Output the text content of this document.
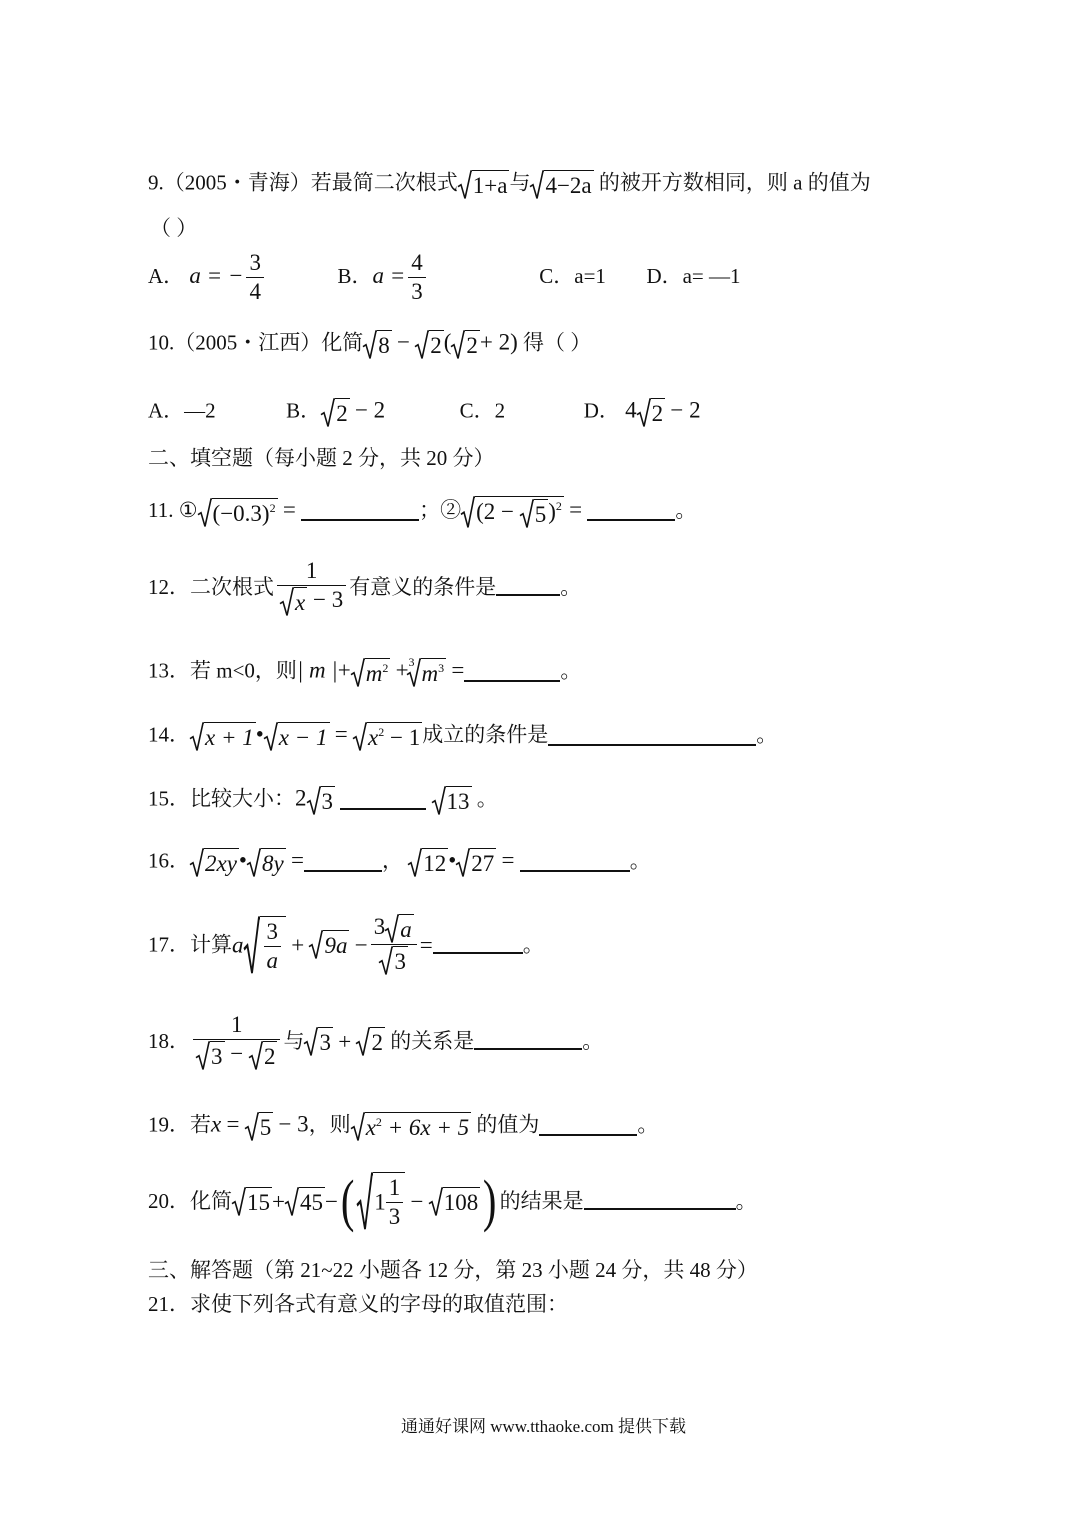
9.（2005・青海）若最简二次根式 1+a与 4−2a 的被开方数相同，则 a 的值为
（ ）
A． a = − $\frac{3}{4}$	B．$a = \frac{4}{3}$	C．a=1 D．a= —1
10.（2005・江西）化简 8 − 2( 2+ 2) 得（ ）
A．—2	B． 2 − 2	C．2	D． 4 2 − 2
二、填空题（每小题 2 分，共 20 分）
11. ① $(-0.3)^2$ =	；② $(2 - 5)^2$ =	。
12．二次根式 $\frac{1}{x - 3}$ 有意义的条件是	。
13．若 m<0，则| m |+ $m^2 +^3$ $m^3$ =	。
14． x + 1• $x - 1 = x^2 - 1$成立的条件是	。
15．比较大小：2 3	13 。
16． 2xy• 8y =	， 12• 27 =	。
17．计算a $\frac{3}{a} + 9a - \frac{3 a}{3}$ =	。
18． $\frac{1}{3 - 2}$ 与 3 + 2 的关系是	。
19．若x = 5 − 3，则 $x^2 + 6x + 5$ 的值为	。
20．化简 15+ 45−( $1 \frac{1}{3} - 108$) 的结果是	。
三、解答题（第 21~22 小题各 12 分，第 23 小题 24 分，共 48 分）
21．求使下列各式有意义的字母的取值范围：
通通好课网 www.tthaoke.com 提供下载
